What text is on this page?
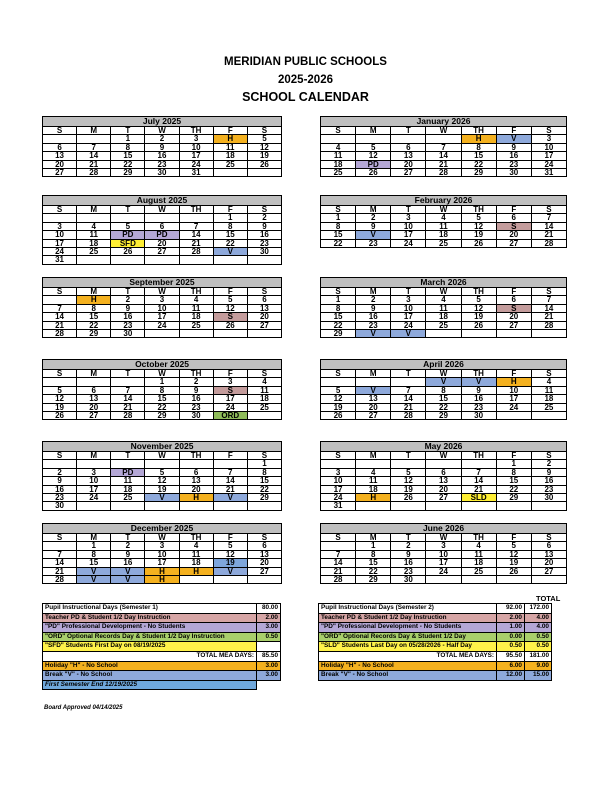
MERIDIAN PUBLIC SCHOOLS
2025-2026
SCHOOL CALENDAR
July 2025
S	M	T	W	TH	F	S
		1	2	3	H	5
6	7	8	9	10	11	12
13	14	15	16	17	18	19
20	21	22	23	24	25	26
27	28	29	30	31		
August 2025
S	M	T	W	TH	F	S
					1	2
3	4	5	6	7	8	9
10	11	PD	PD	14	15	16
17	18	SFD	20	21	22	23
24	25	26	27	28	V	30
31						
September 2025
S	M	T	W	TH	F	S
	H	2	3	4	5	6
7	8	9	10	11	12	13
14	15	16	17	18	S	20
21	22	23	24	25	26	27
28	29	30				
October 2025
S	M	T	W	TH	F	S
			1	2	3	4
5	6	7	8	9	S	11
12	13	14	15	16	17	18
19	20	21	22	23	24	25
26	27	28	29	30	ORD	
November 2025
S	M	T	W	TH	F	S
						1
2	3	PD	5	6	7	8
9	10	11	12	13	14	15
16	17	18	19	20	21	22
23	24	25	V	H	V	29
30						
December 2025
S	M	T	W	TH	F	S
	1	2	3	4	5	6
7	8	9	10	11	12	13
14	15	16	17	18	19	20
21	V	V	H	H	V	27
28	V	V	H			
January 2026
S	M	T	W	TH	F	S
				H	V	3
4	5	6	7	8	9	10
11	12	13	14	15	16	17
18	PD	20	21	22	23	24
25	26	27	28	29	30	31
February 2026
S	M	T	W	TH	F	S
1	2	3	4	5	6	7
8	9	10	11	12	S	14
15	V	17	18	19	20	21
22	23	24	25	26	27	28
March 2026
S	M	T	W	TH	F	S
1	2	3	4	5	6	7
8	9	10	11	12	S	14
15	16	17	18	19	20	21
22	23	24	25	26	27	28
29	V	V				
April 2026
S	M	T	W	TH	F	S
			V	V	H	4
5	V	7	8	9	10	11
12	13	14	15	16	17	18
19	20	21	22	23	24	25
26	27	28	29	30		
May 2026
S	M	T	W	TH	F	S
					1	2
3	4	5	6	7	8	9
10	11	12	13	14	15	16
17	18	19	20	21	22	23
24	H	26	27	SLD	29	30
31						
June 2026
S	M	T	W	TH	F	S
	1	2	3	4	5	6
7	8	9	10	11	12	13
14	15	16	17	18	19	20
21	22	23	24	25	26	27
28	29	30				
TOTAL
Pupil Instructional Days (Semester 1)	80.00		Pupil Instructional Days (Semester 2)	92.00	172.00
Teacher PD & Student 1/2 Day Instruction	2.00		Teacher PD & Student 1/2 Day Instruction	2.00	4.00
"PD" Professional Development - No Students	3.00		"PD" Professional Development - No Students	1.00	4.00
"ORD" Optional Records Day & Student 1/2 Day Instruction	0.50		"ORD" Optional Records Day & Student 1/2 Day	0.00	0.50
"SFD" Students First Day on 08/19/2025			"SLD" Students Last Day on 05/28/2026 - Half Day	0.50	0.50
TOTAL MEA DAYS:	85.50		TOTAL MEA DAYS:	95.50	181.00
Holiday "H" - No School	3.00		Holiday "H" - No School	6.00	9.00
Break "V" - No School	3.00		Break "V" - No School	12.00	15.00
First Semester End 12/19/2025					
Board Approved 04/14/2025
